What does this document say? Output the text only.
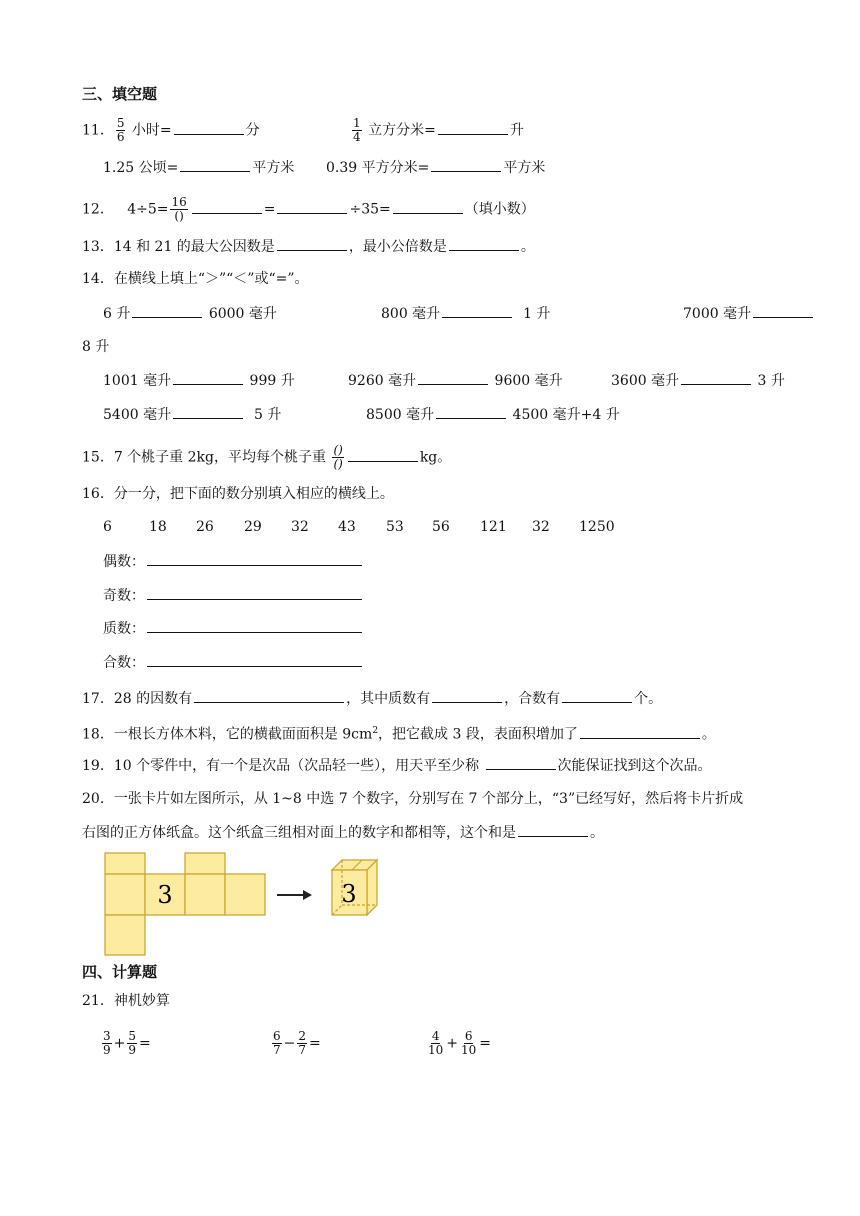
三、填空题
11． $\frac{5}{6}$ 小时=	分	$\frac{1}{4}$ 立方分米=	升
1.25 公顷=	平方米 0.39 平方分米=	平方米
12． $4\div 5= \frac{16}{()}$	=	÷35=	（填小数）
13．14 和 21 的最大公因数是	，最小公倍数是	。
14．在横线上填上“＞”“＜”或“=”。
6 升	6000 毫升	800 毫升	1 升	7000 毫升
8 升
1001 毫升	999 升	9260 毫升	9600 毫升	3600 毫升	3 升
5400 毫升	5 升	8500 毫升	4500 毫升+4 升
15．7 个桃子重 2kg，平均每个桃子重 $\frac{()}{()}$	kg。
16．分一分，把下面的数分别填入相应的横线上。
6	18 26 29 32 43 53 56 121 32 1250
偶数：
奇数：
质数：
合数：
17．28 的因数有	，其中质数有	，合数有	个。
18．一根长方体木料，它的横截面面积是 $9cm^2$，把它截成 3 段，表面积增加了	。
19．10 个零件中，有一个是次品（次品轻一些），用天平至少称	次能保证找到这个次品。
20．一张卡片如左图所示，从 1~8 中选 7 个数字，分别写在 7 个部分上，“3”已经写好，然后将卡片折成
右图的正方体纸盒。这个纸盒三组相对面上的数字和都相等，这个和是	。
3	3
四、计算题
21．神机妙算
$\frac{3}{9} + \frac{5}{9}$ =	$\frac{6}{7} - \frac{2}{7}$ =	$\frac{4}{10} + \frac{6}{10}$ =
